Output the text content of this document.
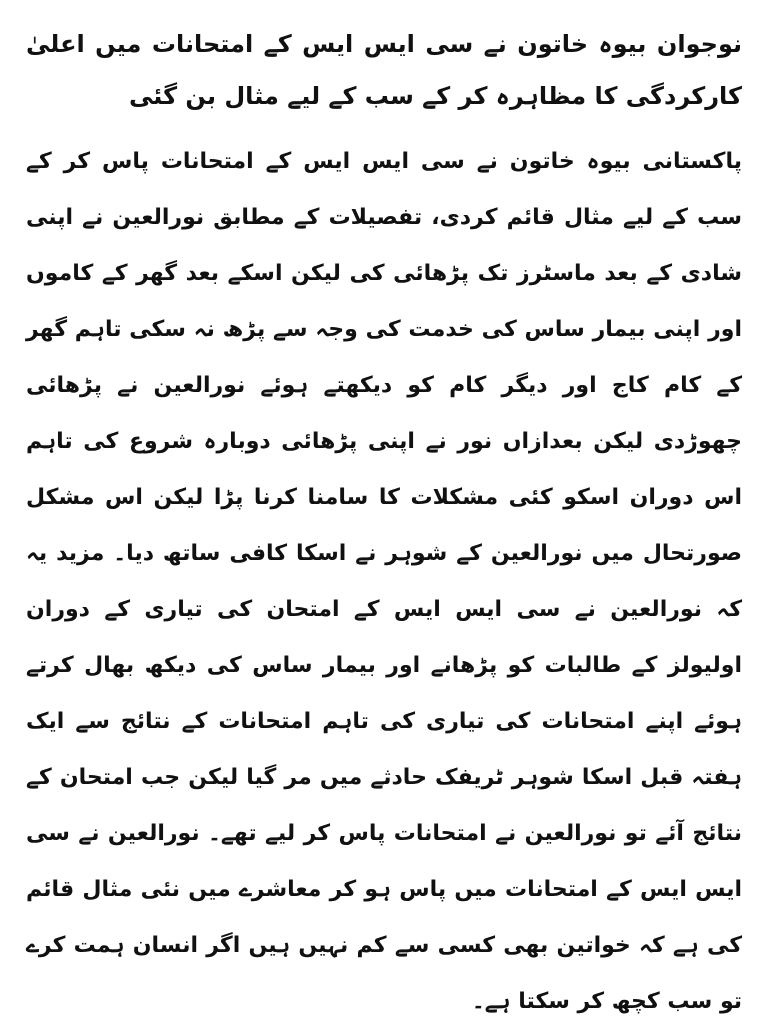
نوجوان بیوہ خاتون نے سی ایس ایس کے امتحانات میں اعلیٰ کارکردگی کا مظاہرہ کر کے سب کے لیے مثال بن گئی

پاکستانی بیوہ خاتون نے سی ایس ایس کے امتحانات پاس کر کے سب کے لیے مثال قائم کردی، تفصیلات کے مطابق نورالعین نے اپنی شادی کے بعد ماسٹرز تک پڑھائی کی لیکن اسکے بعد گھر کے کاموں اور اپنی بیمار ساس کی خدمت کی وجہ سے پڑھ نہ سکی تاہم گھر کے کام کاج اور دیگر کام کو دیکھتے ہوئے نورالعین نے پڑھائی چھوڑدی لیکن بعدازاں نور نے اپنی پڑھائی دوبارہ شروع کی تاہم اس دوران اسکو کئی مشکلات کا سامنا کرنا پڑا لیکن اس مشکل صورتحال میں نورالعین کے شوہر نے اسکا کافی ساتھ دیا۔ مزید یہ کہ نورالعین نے سی ایس ایس کے امتحان کی تیاری کے دوران اولیولز کے طالبات کو پڑھانے اور بیمار ساس کی دیکھ بھال کرتے ہوئے اپنے امتحانات کی تیاری کی تاہم امتحانات کے نتائج سے ایک ہفتہ قبل اسکا شوہر ٹریفک حادثے میں مر گیا لیکن جب امتحان کے نتائج آئے تو نورالعین نے امتحانات پاس کر لیے تھے۔ نورالعین نے سی ایس ایس کے امتحانات میں پاس ہو کر معاشرے میں نئی مثال قائم کی ہے کہ خواتین بھی کسی سے کم نہیں ہیں اگر انسان ہمت کرے تو سب کچھ کر سکتا ہے۔
